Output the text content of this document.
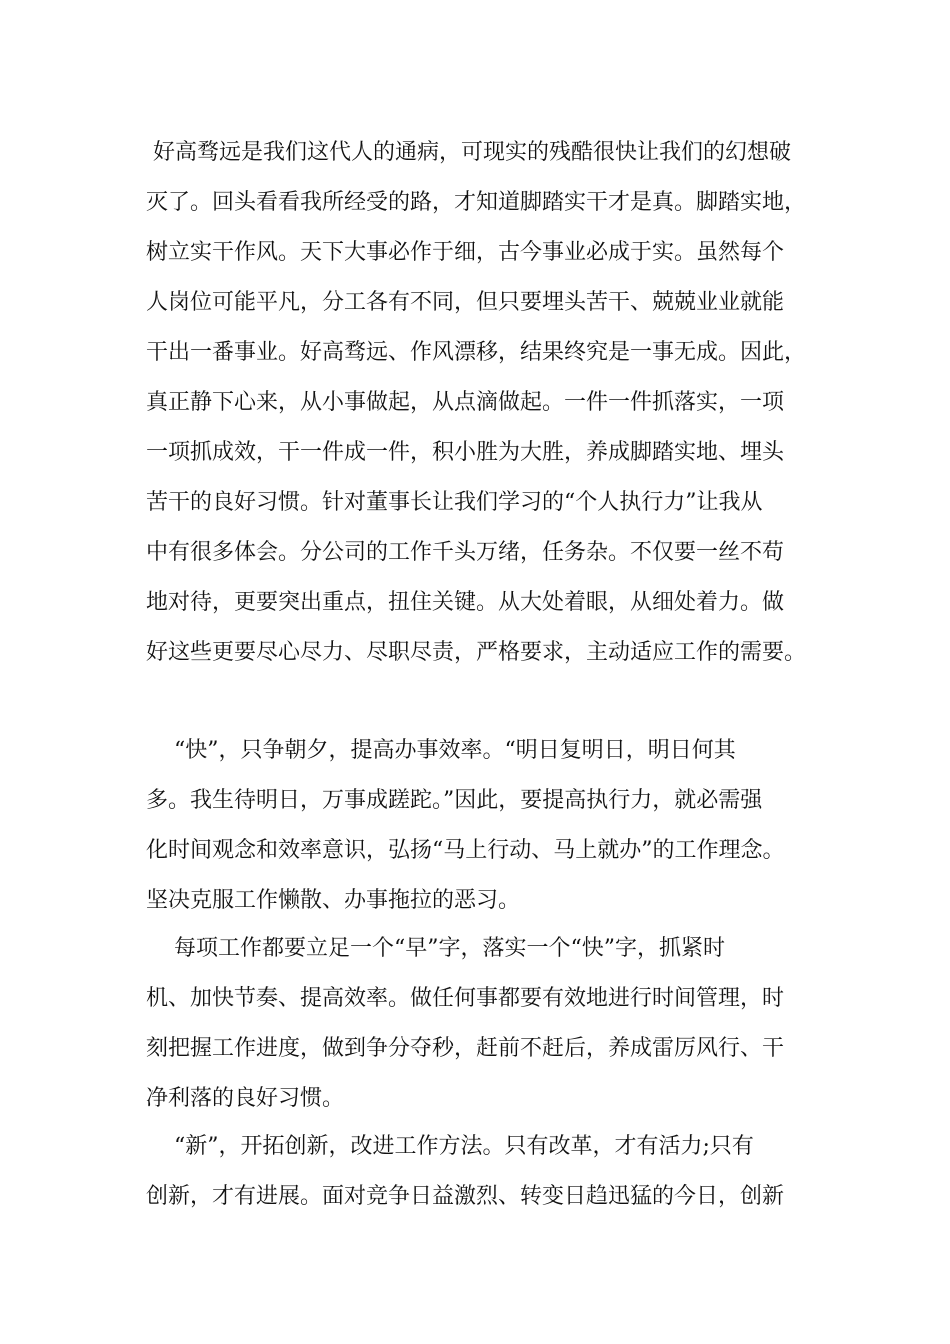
好高骛远是我们这代人的通病，可现实的残酷很快让我们的幻想破
灭了。回头看看我所经受的路，才知道脚踏实干才是真。脚踏实地，
树立实干作风。天下大事必作于细，古今事业必成于实。虽然每个
人岗位可能平凡，分工各有不同，但只要埋头苦干、兢兢业业就能
干出一番事业。好高骛远、作风漂移，结果终究是一事无成。因此，
真正静下心来，从小事做起，从点滴做起。一件一件抓落实，一项
一项抓成效，干一件成一件，积小胜为大胜，养成脚踏实地、埋头
苦干的良好习惯。针对董事长让我们学习的“个人执行力”让我从
中有很多体会。分公司的工作千头万绪，任务杂。不仅要一丝不苟
地对待，更要突出重点，扭住关键。从大处着眼，从细处着力。做
好这些更要尽心尽力、尽职尽责，严格要求，主动适应工作的需要。
“快”，只争朝夕，提高办事效率。“明日复明日，明日何其
多。我生待明日，万事成蹉跎。”因此，要提高执行力，就必需强
化时间观念和效率意识，弘扬“马上行动、马上就办”的工作理念。
坚决克服工作懒散、办事拖拉的恶习。
每项工作都要立足一个“早”字，落实一个“快”字，抓紧时
机、加快节奏、提高效率。做任何事都要有效地进行时间管理，时
刻把握工作进度，做到争分夺秒，赶前不赶后，养成雷厉风行、干
净利落的良好习惯。
“新”，开拓创新，改进工作方法。只有改革，才有活力;只有
创新，才有进展。面对竞争日益激烈、转变日趋迅猛的今日，创新
